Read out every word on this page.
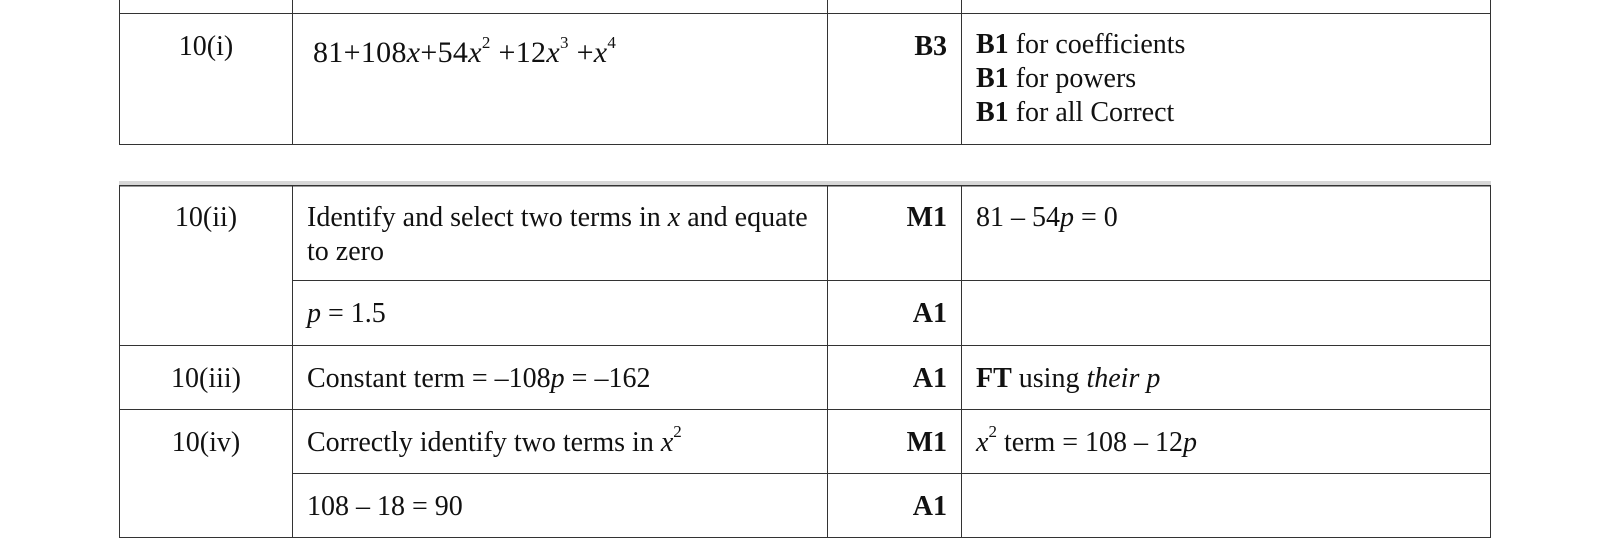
10(i)	$81+108x+54x^2 +12x^3 +x^4$	B3	B1 for coefficients
B1 for powers
B1 for all Correct
10(ii)	Identify and select two terms in x and equate to zero	M1	81 – 54p = 0

	p = 1.5	A1	

10(iii)	Constant term = –108p = –162	A1	FT using their p

10(iv)	Correctly identify two terms in $x^2$	M1	$x^2$ term = 108 – 12p

	108 – 18 = 90	A1	
